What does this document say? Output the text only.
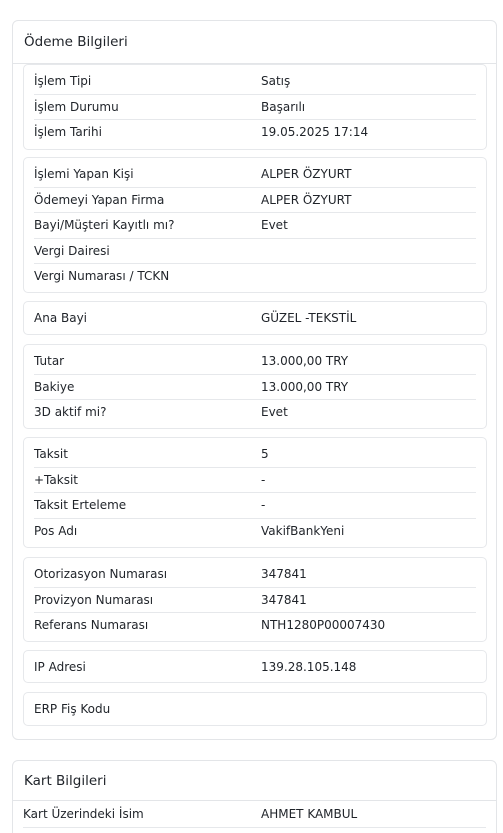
Ödeme Bilgileri
İşlem Tipi	Satış
İşlem Durumu	Başarılı
İşlem Tarihi	19.05.2025 17:14
İşlemi Yapan Kişi	ALPER ÖZYURT
Ödemeyi Yapan Firma	ALPER ÖZYURT
Bayi/Müşteri Kayıtlı mı?	Evet
Vergi Dairesi
Vergi Numarası / TCKN
Ana Bayi	GÜZEL -TEKSTİL
Tutar	13.000,00 TRY
Bakiye	13.000,00 TRY
3D aktif mi?	Evet
Taksit	5
+Taksit	-
Taksit Erteleme	-
Pos Adı	VakifBankYeni
Otorizasyon Numarası	347841
Provizyon Numarası	347841
Referans Numarası	NTH1280P00007430
IP Adresi	139.28.105.148
ERP Fiş Kodu
Kart Bilgileri
Kart Üzerindeki İsim	AHMET KAMBUL
